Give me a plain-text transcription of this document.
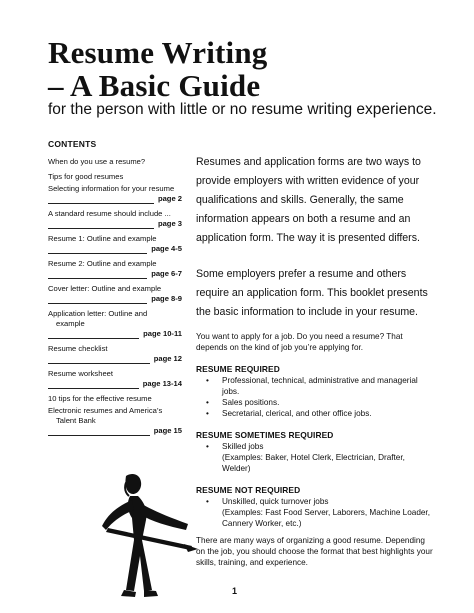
Resume Writing
– A Basic Guide

for the person with little or no resume writing experience.

CONTENTS
When do you use a resume?
Tips for good resumes
Selecting information for your resume
page 2
A standard resume should include ...
page 3
Resume 1: Outline and example
page 4-5
Resume 2: Outline and example
page 6-7
Cover letter: Outline and example
page 8-9
Application letter: Outline and
example
page 10-11
Resume checklist
page 12
Resume worksheet
page 13-14
10 tips for the effective resume
Electronic resumes and America’s
Talent Bank
page 15

Resumes and application forms are two ways to provide employers with written evidence of your qualifications and skills. Generally, the same information appears on both a resume and an application form. The way it is presented differs.

Some employers prefer a resume and others require an application form. This booklet presents the basic information to include in your resume.

You want to apply for a job. Do you need a resume? That depends on the kind of job you’re applying for.

RESUME REQUIRED
• Professional, technical, administrative and managerial jobs.
• Sales positions.
• Secretarial, clerical, and other office jobs.
RESUME SOMETIMES REQUIRED
• Skilled jobs
(Examples: Baker, Hotel Clerk, Electrician, Drafter, Welder)
RESUME NOT REQUIRED
• Unskilled, quick turnover jobs
(Examples: Fast Food Server, Laborers, Machine Loader, Cannery Worker, etc.)

There are many ways of organizing a good resume. Depending on the job, you should choose the format that best highlights your skills, training, and experience.

1
